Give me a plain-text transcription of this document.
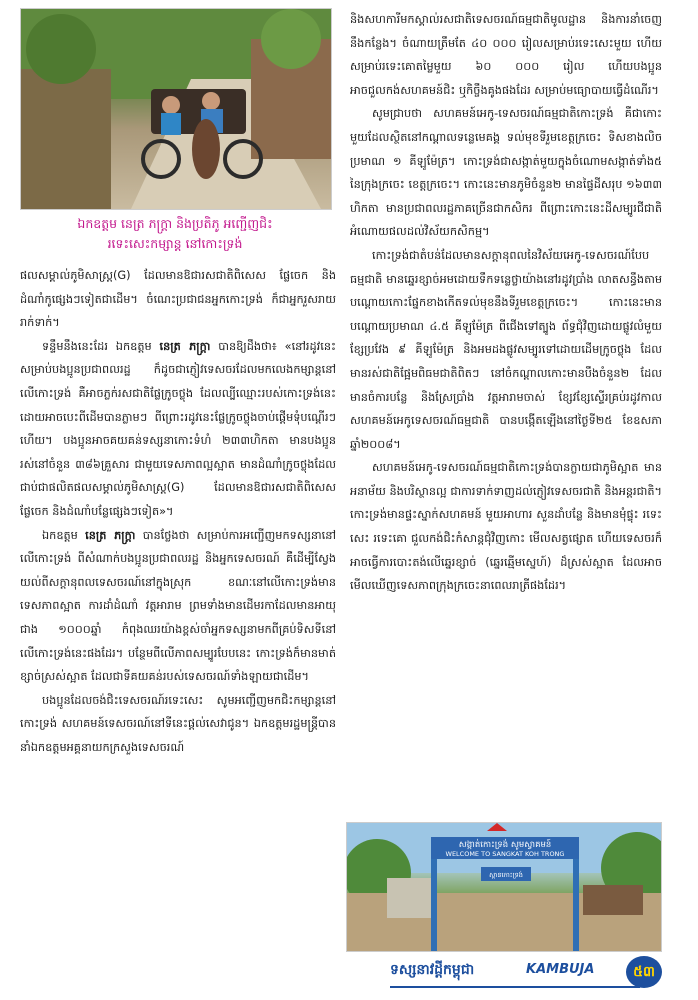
ឯកឧត្តម នេត្រ ភក្ត្រា និងប្រតិភូ អញ្ជើញជិះ
រទេះសេះកម្សាន្ត នៅកោះទ្រង់

ផលសម្គាល់ភូមិសាស្ត្រ(G) ដែលមានឱជារសជាតិពិសេស ផ្លែចេក និងដំណាំកូផ្សេងៗទៀតជាដើម។ ចំណេះប្រជាជនអ្នកកោះទ្រង់ ក៏ជាអ្នករួសរាយរាក់ទាក់។

ទន្ទឹមនឹងនេះដែរ ឯកឧត្តម នេត្រ ភក្ត្រា បានឱ្យដឹងថា៖ «នៅរដូវនេះសម្រាប់បងប្អូនប្រជាពលរដ្ឋ ក៏ដូចជាភ្ញៀវទេសចរដែលមកលេងកម្សាន្តនៅលើកោះទ្រង់ គឺអាចភ្លក់រសជាតិផ្លែក្រូចថ្លុង ដែលល្បីឈ្មោះរបស់កោះទ្រង់នេះដោយអាចបេះពីដើមបានភ្លាមៗ ពីព្រោះរដូវនេះផ្លែក្រូចថ្លុងចាប់ផ្តើមទុំបណ្តើរៗហើយ។ បងប្អូនអាចគយគន់ទស្សនាកោះទំហំ ២៣៣ហិកតា មានបងប្អូនរស់នៅចំនួន ៣៨៦គ្រួសារ ជាមួយទេសភាពល្អស្អាត មានដំណាំក្រូចថ្លុងដែលជាប់ជាផលិតផលសម្គាល់ភូមិសាស្ត្រ(G) ដែលមានឱជារសជាតិពិសេស ផ្លែចេក និងដំណាំបន្លែផ្សេងៗទៀត»។

ឯកឧត្តម នេត្រ ភក្ត្រា បានថ្លែងថា សម្រាប់ការអញ្ជើញមកទស្សនានៅលើកោះទ្រង់ ពីសំណាក់បងប្អូនប្រជាពលរដ្ឋ និងអ្នកទេសចរណ៍ គឺដើម្បីស្វែងយល់ពីសក្តានុពលទេសចរណ៍នៅក្នុងស្រុក ខណៈនៅលើកោះទ្រង់មានទេសភាពស្អាត ការដាំដំណាំ វត្តអារាម ព្រមទាំងមានដើមរកាដែលមានអាយុជាង ១០០០ឆ្នាំ កំពុងឈរយ៉ាងខ្ពស់ចាំអ្នកទស្សនាមកពីគ្រប់ទិសទីនៅលើកោះទ្រង់នេះផងដែរ។ បន្ថែមពីលើភាពសម្បូរបែបនេះ កោះទ្រង់ក៏មានមាត់ខ្សាច់ស្រស់ស្អាត ដែលជាទីគយគន់របស់ទេសចរណ៍ទាំងឡាយជាដើម។

បងប្អូនដែលចង់ជិះទេសចរណ៍រទេះសេះ សូមអញ្ជើញមកជិះកម្សាន្តនៅកោះទ្រង់ សហគមន៍ទេសចរណ៍នៅទីនេះផ្តល់សេវាជូន។ ឯកឧត្តមរដ្ឋមន្ត្រីបាននាំឯកឧត្តមអគ្គនាយកក្រសួងទេសចរណ៍

និងសហការីមកស្គាល់រសជាតិទេសចរណ៍ធម្មជាតិមូលដ្ឋាន និងការនាំចេញនឹងកន្លែង។ ចំណាយត្រឹមតែ ៤០ ០០០ រៀលសម្រាប់រទេះសេះមួយ ហើយសម្រាប់រទេះគោតម្លៃមួយ ៦០ ០០០ រៀល ហើយបងប្អូនអាចជួលកង់សហគមន៍ជិះ ឬកិច្ចឹងគូងផងដែរ សម្រាប់មធ្យោបាយធ្វើដំណើរ។

សូមជ្រាបថា សហគមន៍អេកូ-ទេសចរណ៍ធម្មជាតិកោះទ្រង់ គឺជាកោះមួយដែលស្ថិតនៅកណ្តាលទន្លេមេគង្គ ទល់មុខទីរួមខេត្តក្រចេះ ទិសខាងលិចប្រមាណ ១ គីឡូម៉ែត្រ។ កោះទ្រង់ជាសង្កាត់មួយក្នុងចំណោមសង្កាត់ទាំង៥ នៃក្រុងក្រចេះ ខេត្តក្រចេះ។ កោះនេះមានភូមិចំនួន២ មានផ្ទៃដីសរុប ១៦៣៣ ហិកតា មានប្រជាពលរដ្ឋភាគច្រើនជាកសិករ ពីព្រោះកោះនេះដីសម្បូរជីជាតិ អំណោយផលដល់វិស័យកសិកម្ម។

កោះទ្រង់ជាតំបន់ដែលមានសក្តានុពលនៃវិស័យអេកូ-ទេសចរណ៍បែបធម្មជាតិ មានឆ្នេរខ្សាច់អមដោយទឹកទន្លេថ្លាយ៉ាងនៅរដូវប្រាំង លាតសន្ធឹងតាមបណ្តោយកោះផ្នែកខាងកើតទល់មុខនឹងទីរួមខេត្តក្រចេះ។ កោះនេះមានបណ្តោយប្រមាណ ៤.៥ គីឡូម៉ែត្រ ពីជើងទៅត្បូង ព័ទ្ធជុំវិញដោយផ្លូវលំមួយខ្សែប្រវែង ៩ គីឡូម៉ែត្រ និងអមដងផ្លូវសម្បូរទៅដោយដើមក្រូចថ្លុង ដែលមានរស់ជាតិផ្អែមពិធមជាតិពិតៗ នៅចំកណ្តាលកោះមានបឹងចំនួន២ ដែលមានចំការបន្លែ និងស្រែប្រាំង វត្តអារាមចាស់ ខ្សែវខ្សែស្ទើរគ្រប់រដូវកាល សហគមន៍អេកូទេសចរណ៍ធម្មជាតិ បានបង្កើតឡើងនៅថ្ងៃទី២៥ ខែឧសភា ឆ្នាំ២០០៨។

សហគមន៍អេកូ-ទេសចរណ៍ធម្មជាតិកោះទ្រង់បានក្លាយជាភូមិស្អាត មានអនាម័យ និងបរិស្ថានល្អ ជាការទាក់ទាញដល់ភ្ញៀវទេសចរជាតិ និងអន្តរជាតិ។ កោះទ្រង់មានផ្ទះស្នាក់សហគមន៍ មួយអាហារ សួនដាំបន្លែ និងមានមុំផ្ទុះ រទេះសេះ រទេះគោ ជួលកង់ជិះកំសាន្តជុំវិញកោះ មើលសត្វផ្សោត ហើយទេសចរក៏អាចធ្វើការបោះតង់លើឆ្នេរខ្សាច់ (ឆ្នេរឆ្មើមស្នេហ៍) ដ៏ស្រស់ស្អាត ដែលអាចមើលឃើញទេសភាពក្រុងក្រចេះនាពេលរាត្រីផងដែរ។

សង្កាត់កោះទ្រង់ សូមស្វាគមន៍
WELCOME TO SANGKAT KOH TRONG
ស្ពានកោះទ្រង់
ទស្សនាវដ្តីកម្ពុជា	KAMBUJA	៥៣
